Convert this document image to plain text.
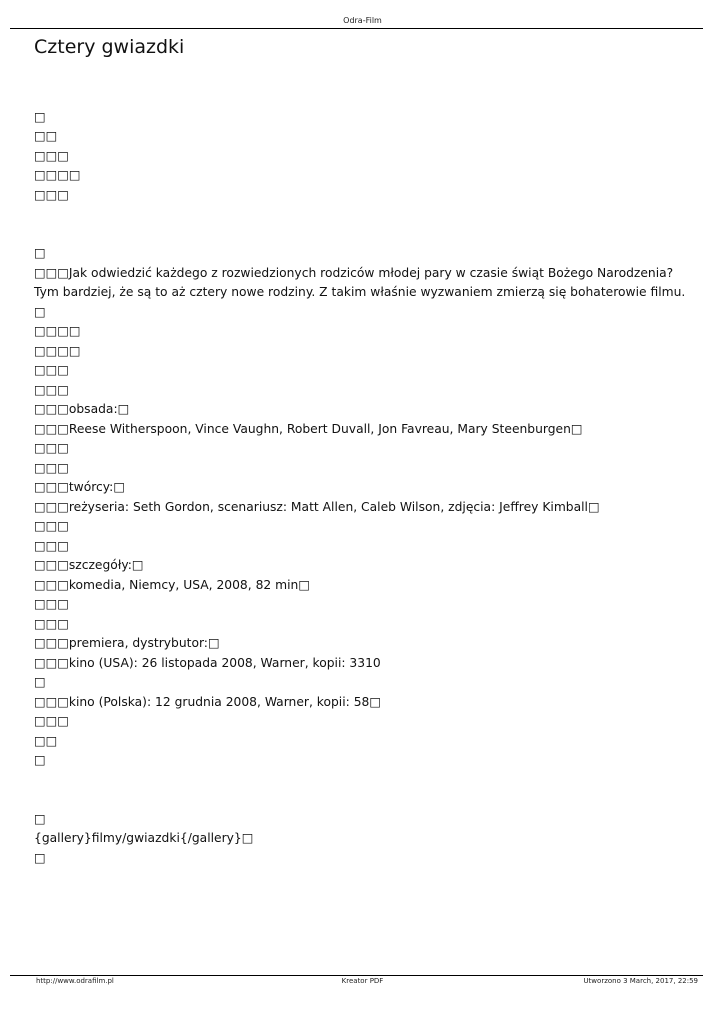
Odra-Film
Cztery gwiazdki
□
□□
□□□
□□□□
□□□
□
□□□Jak odwiedzić każdego z rozwiedzionych rodziców młodej pary w czasie świąt Bożego Narodzenia? Tym bardziej, że są to aż cztery nowe rodziny. Z takim właśnie wyzwaniem zmierzą się bohaterowie filmu. □
□□□□
□□□□
□□□
□□□
□□□obsada:□
□□□Reese Witherspoon, Vince Vaughn, Robert Duvall, Jon Favreau, Mary Steenburgen□
□□□
□□□
□□□twórcy:□
□□□reżyseria: Seth Gordon, scenariusz: Matt Allen, Caleb Wilson, zdjęcia: Jeffrey Kimball□
□□□
□□□
□□□szczegóły:□
□□□komedia, Niemcy, USA, 2008, 82 min□
□□□
□□□
□□□premiera, dystrybutor:□
□□□kino (USA): 26 listopada 2008, Warner, kopii: 3310
□
□□□kino (Polska): 12 grudnia 2008, Warner, kopii: 58□
□□□
□□
□
□
{gallery}filmy/gwiazdki{/gallery}□
□
http://www.odrafilm.pl	Kreator PDF	Utworzono 3 March, 2017, 22:59
